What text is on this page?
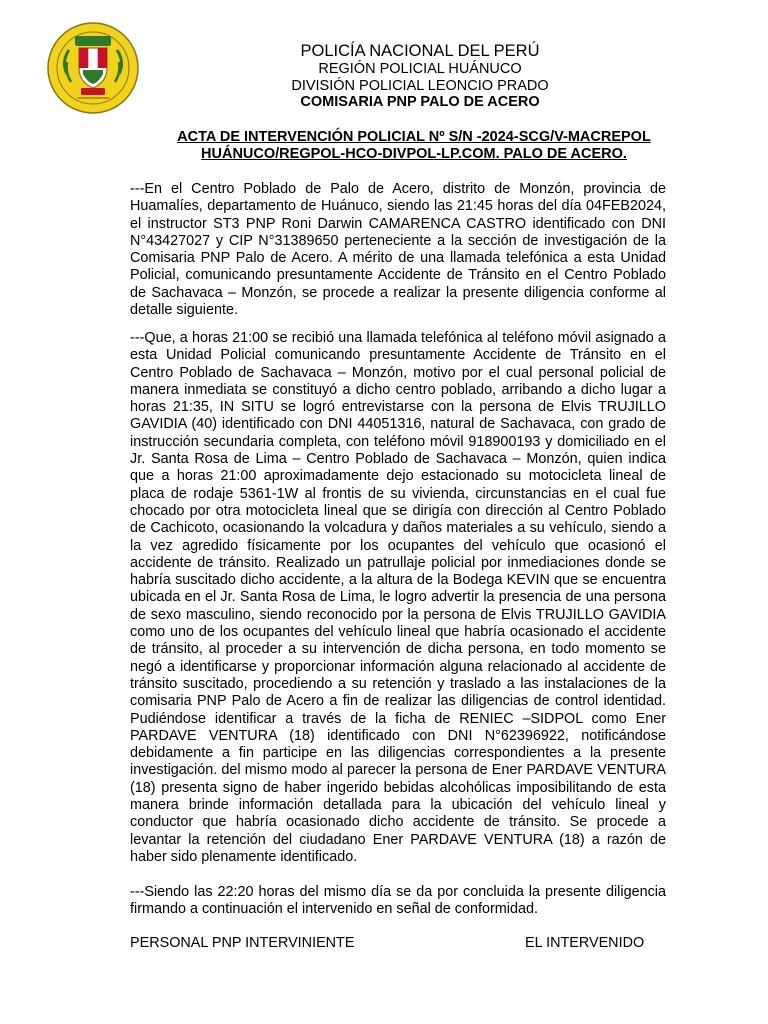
POLICÍA NACIONAL DEL PERÚ
REGIÓN POLICIAL HUÁNUCO
DIVISIÓN POLICIAL LEONCIO PRADO
COMISARIA PNP PALO DE ACERO
ACTA DE INTERVENCIÓN POLICIAL Nº S/N -2024-SCG/V-MACREPOL
HUÁNUCO/REGPOL-HCO-DIVPOL-LP.COM. PALO DE ACERO.

---En el Centro Poblado de Palo de Acero, distrito de Monzón, provincia de Huamalíes, departamento de Huánuco, siendo las 21:45 horas del día 04FEB2024, el instructor ST3 PNP Roni Darwin CAMARENCA CASTRO identificado con DNI N°43427027 y CIP N°31389650 perteneciente a la sección de investigación de la Comisaria PNP Palo de Acero. A mérito de una llamada telefónica a esta Unidad Policial, comunicando presuntamente Accidente de Tránsito en el Centro Poblado de Sachavaca – Monzón, se procede a realizar la presente diligencia conforme al detalle siguiente.

---Que, a horas 21:00 se recibió una llamada telefónica al teléfono móvil asignado a esta Unidad Policial comunicando presuntamente Accidente de Tránsito en el Centro Poblado de Sachavaca – Monzón, motivo por el cual personal policial de manera inmediata se constituyó a dicho centro poblado, arribando a dicho lugar a horas 21:35, IN SITU se logró entrevistarse con la persona de Elvis TRUJILLO GAVIDIA (40) identificado con DNI 44051316, natural de Sachavaca, con grado de instrucción secundaria completa, con teléfono móvil 918900193 y domiciliado en el Jr. Santa Rosa de Lima – Centro Poblado de Sachavaca – Monzón, quien indica que a horas 21:00 aproximadamente dejo estacionado su motocicleta lineal de placa de rodaje 5361-1W al frontis de su vivienda, circunstancias en el cual fue chocado por otra motocicleta lineal que se dirigía con dirección al Centro Poblado de Cachicoto, ocasionando la volcadura y daños materiales a su vehículo, siendo a la vez agredido físicamente por los ocupantes del vehículo que ocasionó el accidente de tránsito. Realizado un patrullaje policial por inmediaciones donde se habría suscitado dicho accidente, a la altura de la Bodega KEVIN que se encuentra ubicada en el Jr. Santa Rosa de Lima, le logro advertir la presencia de una persona de sexo masculino, siendo reconocido por la persona de Elvis TRUJILLO GAVIDIA como uno de los ocupantes del vehículo lineal que habría ocasionado el accidente de tránsito, al proceder a su intervención de dicha persona, en todo momento se negó a identificarse y proporcionar información alguna relacionado al accidente de tránsito suscitado, procediendo a su retención y traslado a las instalaciones de la comisaria PNP Palo de Acero a fin de realizar las diligencias de control identidad. Pudiéndose identificar a través de la ficha de RENIEC –SIDPOL como Ener PARDAVE VENTURA (18) identificado con DNI N°62396922, notificándose debidamente a fin participe en las diligencias correspondientes a la presente investigación. del mismo modo al parecer la persona de Ener PARDAVE VENTURA (18) presenta signo de haber ingerido bebidas alcohólicas imposibilitando de esta manera brinde información detallada para la ubicación del vehículo lineal y conductor que habría ocasionado dicho accidente de tránsito. Se procede a levantar la retención del ciudadano Ener PARDAVE VENTURA (18) a razón de haber sido plenamente identificado.

---Siendo las 22:20 horas del mismo día se da por concluida la presente diligencia firmando a continuación el intervenido en señal de conformidad.

PERSONAL PNP INTERVINIENTE	EL INTERVENIDO
